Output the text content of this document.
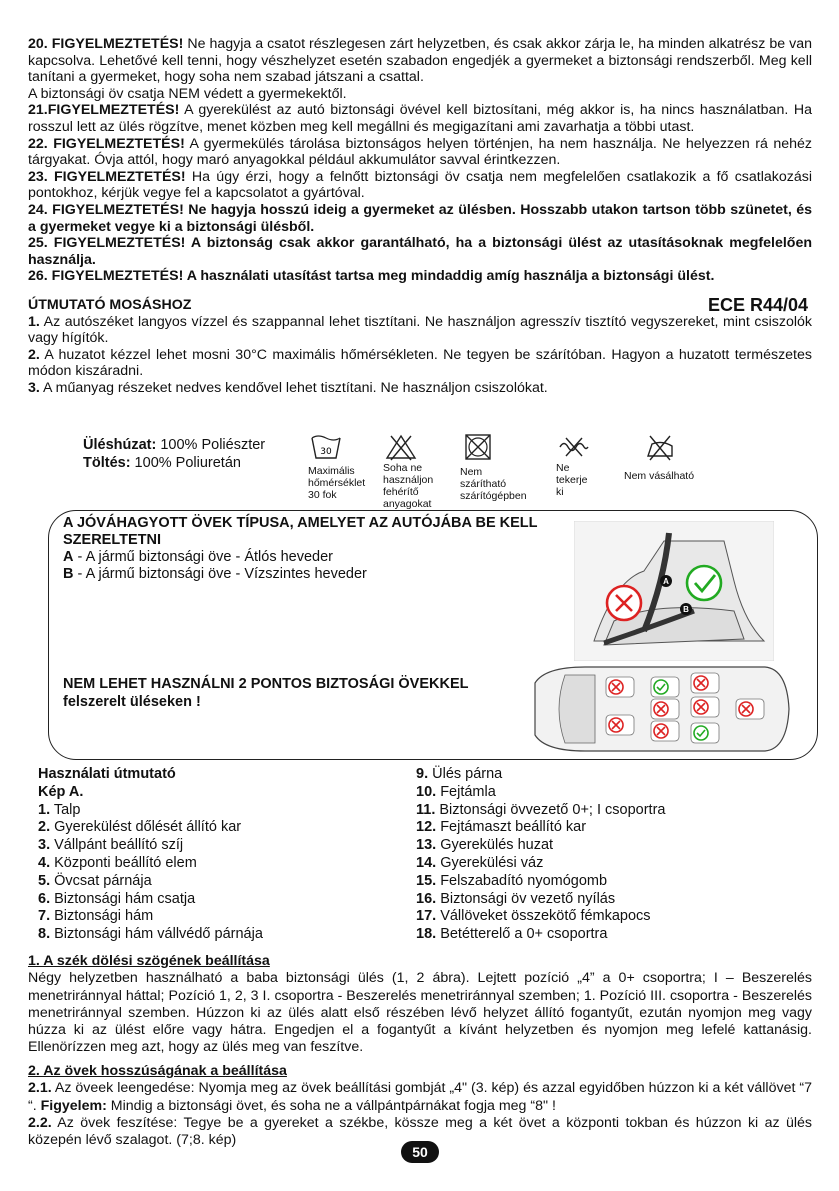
20. FIGYELMEZTETÉS! Ne hagyja a csatot részlegesen zárt helyzetben, és csak akkor zárja le, ha minden alkatrész be van kapcsolva. Lehetővé kell tenni, hogy vészhelyzet esetén szabadon engedjék a gyermeket a biztonsági rendszerből. Meg kell tanítani a gyermeket, hogy soha nem szabad játszani a csattal.

A biztonsági öv csatja NEM védett a gyermekektől.

21.FIGYELMEZTETÉS! A gyerekülést az autó biztonsági övével kell biztosítani, még akkor is, ha nincs használatban. Ha rosszul lett az ülés rögzítve, menet közben meg kell megállni és megigazítani ami zavarhatja a többi utast.

22. FIGYELMEZTETÉS! A gyermekülés tárolása biztonságos helyen történjen, ha nem használja. Ne helyezzen rá nehéz tárgyakat. Óvja attól, hogy maró anyagokkal például akkumulátor savval érintkezzen.

23. FIGYELMEZTETÉS! Ha úgy érzi, hogy a felnőtt biztonsági öv csatja nem megfelelően csatlakozik a fő csatlakozási pontokhoz, kérjük vegye fel a kapcsolatot a gyártóval.

24. FIGYELMEZTETÉS! Ne hagyja hosszú ideig a gyermeket az ülésben. Hosszabb utakon tartson több szünetet, és a gyermeket vegye ki a biztonsági ülésből.

25. FIGYELMEZTETÉS! A biztonság csak akkor garantálható, ha a biztonsági ülést az utasításoknak megfelelően használja.

26. FIGYELMEZTETÉS! A használati utasítást tartsa meg mindaddig amíg használja a biztonsági ülést.

ÚTMUTATÓ MOSÁSHOZ	ECE R44/04

1. Az autószéket langyos vízzel és szappannal lehet tisztítani. Ne használjon agresszív tisztító vegyszereket, mint csiszolók vagy hígítók.

2. A huzatot kézzel lehet mosni 30°C maximális hőmérsékleten. Ne tegyen be szárítóban. Hagyon a huzatott természetes módon kiszáradni.

3. A műanyag részeket nedves kendővel lehet tisztítani. Ne használjon csiszolókat.

Üléshúzat: 100% Poliészter
Töltés: 100% Poliuretán
30
Maximális
hőmérséklet
30 fok
Soha ne
használjon
fehérítő
anyagokat
Nem
szárítható
szárítógépben
Ne
tekerje
ki
Nem vásálható
A JÓVÁHAGYOTT ÖVEK TÍPUSA, AMELYET AZ AUTÓJÁBA BE KELL SZERELTETNI
A - A jármű biztonsági öve - Átlós heveder
B - A jármű biztonsági öve - Vízszintes heveder	A
B
NEM LEHET HASZNÁLNI 2 PONTOS BIZTOSÁGI ÖVEKKEL
felszerelt üléseken !
Használati útmutató
Kép A.
1. Talp
2. Gyerekülést dőlését állító kar
3. Vállpánt beállító szíj
4. Központi beállító elem
5. Övcsat párnája
6. Biztonsági hám csatja
7. Biztonsági hám
8. Biztonsági hám vállvédő párnája
9. Ülés párna
10. Fejtámla
11. Biztonsági övvezető 0+; I csoportra
12. Fejtámaszt beállító kar
13. Gyerekülés huzat
14. Gyerekülési váz
15. Felszabadító nyomógomb
16. Biztonsági öv vezető nyílás
17. Vállöveket összekötő fémkapocs
18. Betétterelő a 0+ csoportra
1. A szék dölési szögének beállítása

Négy helyzetben használható a baba biztonsági ülés (1, 2 ábra). Lejtett pozíció „4” a 0+ csoportra; I – Beszerelés menetriránnyal háttal; Pozíció 1, 2, 3 I. csoportra - Beszerelés menetriránnyal szemben; 1. Pozíció III. csoportra - Beszerelés menetriránnyal szemben. Húzzon ki az ülés alatt első részében lévő helyzet állító fogantyűt, ezután nyomjon meg vagy húzza ki az ülést előre vagy hátra. Engedjen el a fogantyűt a kívánt helyzetben és nyomjon meg lefelé kattanásig. Ellenörízzen meg azt, hogy az ülés meg van feszítve.

2. Az övek hosszúságának a beállítása

2.1. Az öveek leengedése: Nyomja meg az övek beállítási gombját „4" (3. kép) és azzal egyidőben húzzon ki a két vállövet “7 “. Figyelem: Mindig a biztonsági övet, és soha ne a vállpántpárnákat fogja meg “8" !

2.2. Az övek feszítése: Tegye be a gyereket a székbe, kösszе meg a két övet a központi tokban és húzzon ki az ülés közepén lévő szalagot. (7;8. kép)

50
